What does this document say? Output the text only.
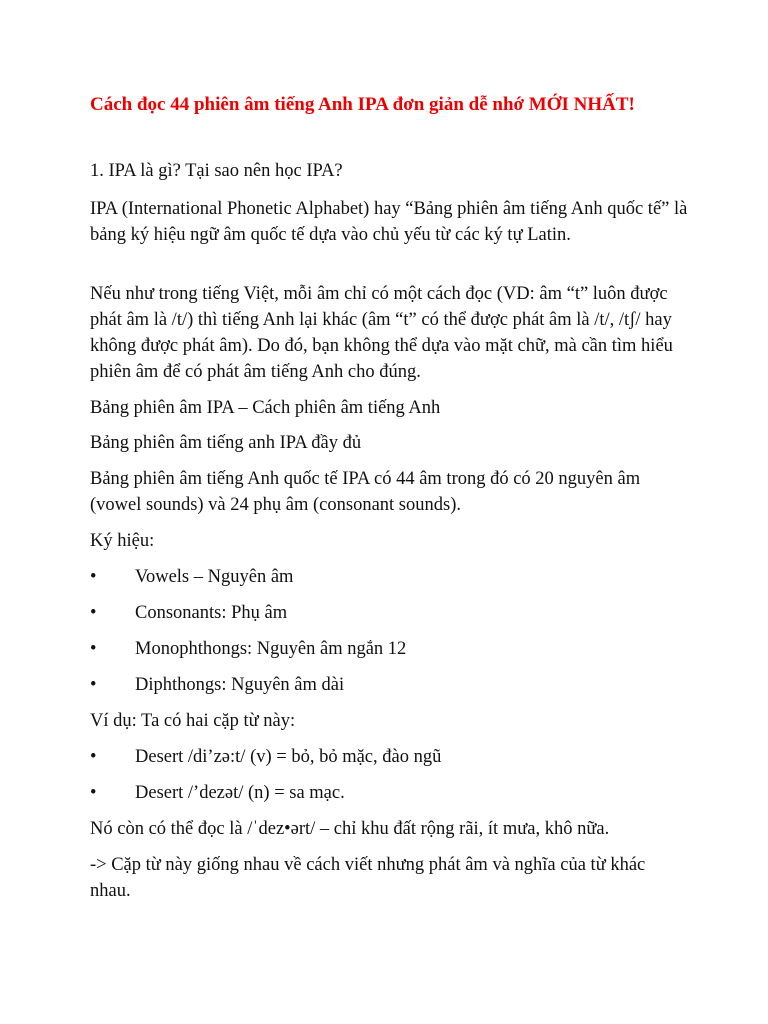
Cách đọc 44 phiên âm tiếng Anh IPA đơn giản dễ nhớ MỚI NHẤT!
1. IPA là gì? Tại sao nên học IPA?
IPA (International Phonetic Alphabet) hay “Bảng phiên âm tiếng Anh quốc tế” là bảng ký hiệu ngữ âm quốc tế dựa vào chủ yếu từ các ký tự Latin.
Nếu như trong tiếng Việt, mỗi âm chỉ có một cách đọc (VD: âm “t” luôn được phát âm là /t/) thì tiếng Anh lại khác (âm “t” có thể được phát âm là /t/, /tʃ/ hay không được phát âm). Do đó, bạn không thể dựa vào mặt chữ, mà cần tìm hiểu phiên âm để có phát âm tiếng Anh cho đúng.
Bảng phiên âm IPA – Cách phiên âm tiếng Anh
Bảng phiên âm tiếng anh IPA đầy đủ
Bảng phiên âm tiếng Anh quốc tế IPA có 44 âm trong đó có 20 nguyên âm (vowel sounds) và 24 phụ âm (consonant sounds).
Ký hiệu:
• Vowels – Nguyên âm
• Consonants: Phụ âm
• Monophthongs: Nguyên âm ngắn 12
• Diphthongs: Nguyên âm dài
Ví dụ: Ta có hai cặp từ này:
• Desert /di’zə:t/ (v) = bỏ, bỏ mặc, đào ngũ
• Desert /’dezət/ (n) = sa mạc.
Nó còn có thể đọc là /ˈdez•ərt/ – chỉ khu đất rộng rãi, ít mưa, khô nữa.
-> Cặp từ này giống nhau về cách viết nhưng phát âm và nghĩa của từ khác nhau.
